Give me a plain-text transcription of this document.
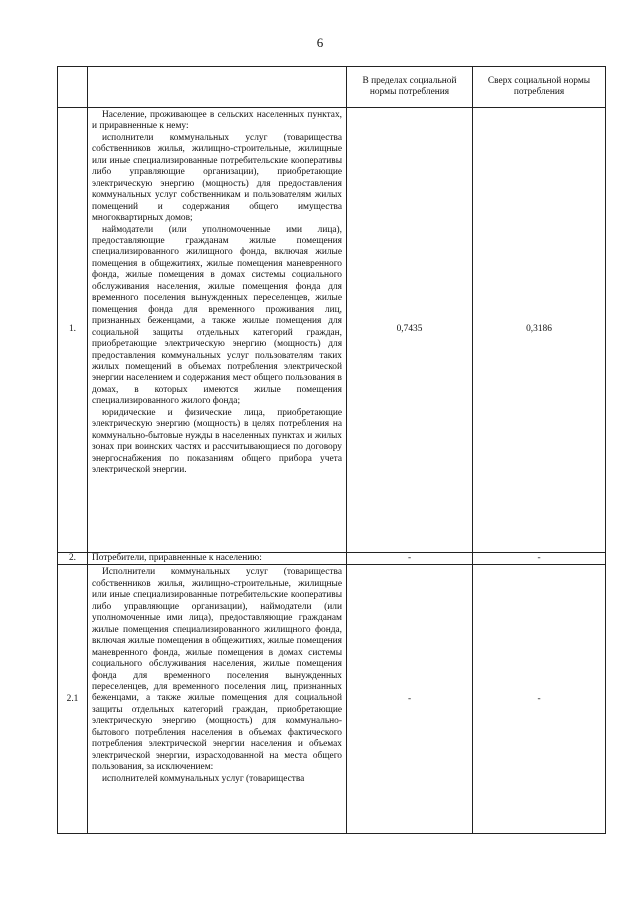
6
		В пределах социальной нормы потребления	Сверх социальной нормы потребления
1.	Население, проживающее в сельских населенных пунктах, и приравненные к нему:

исполнители коммунальных услуг (товарищества собственников жилья, жилищно-строительные, жилищные или иные специализированные потребительские кооперативы либо управляющие организации), приобретающие электрическую энергию (мощность) для предоставления коммунальных услуг собственникам и пользователям жилых помещений и содержания общего имущества многоквартирных домов;

наймодатели (или уполномоченные ими лица), предоставляющие гражданам жилые помещения специализированного жилищного фонда, включая жилые помещения в общежитиях, жилые помещения маневренного фонда, жилые помещения в домах системы социального обслуживания населения, жилые помещения фонда для временного поселения вынужденных переселенцев, жилые помещения фонда для временного проживания лиц, признанных беженцами, а также жилые помещения для социальной защиты отдельных категорий граждан, приобретающие электрическую энергию (мощность) для предоставления коммунальных услуг пользователям таких жилых помещений в объемах потребления электрической энергии населением и содержания мест общего пользования в домах, в которых имеются жилые помещения специализированного жилого фонда;

юридические и физические лица, приобретающие электрическую энергию (мощность) в целях потребления на коммунально-бытовые нужды в населенных пунктах и жилых зонах при воинских частях и рассчитывающиеся по договору энергоснабжения по показаниям общего прибора учета электрической энергии.	0,7435	0,3186
2.	Потребители, приравненные к населению:	-	-
2.1	Исполнители коммунальных услуг (товарищества собственников жилья, жилищно-строительные, жилищные или иные специализированные потребительские кооперативы либо управляющие организации), наймодатели (или уполномоченные ими лица), предоставляющие гражданам жилые помещения специализированного жилищного фонда, включая жилые помещения в общежитиях, жилые помещения маневренного фонда, жилые помещения в домах системы социального обслуживания населения, жилые помещения фонда для временного поселения вынужденных переселенцев, для временного поселения лиц, признанных беженцами, а также жилые помещения для социальной защиты отдельных категорий граждан, приобретающие электрическую энергию (мощность) для коммунально-бытового потребления населения в объемах фактического потребления электрической энергии населения и объемах электрической энергии, израсходованной на места общего пользования, за исключением:

исполнителей коммунальных услуг (товарищества	-	-
